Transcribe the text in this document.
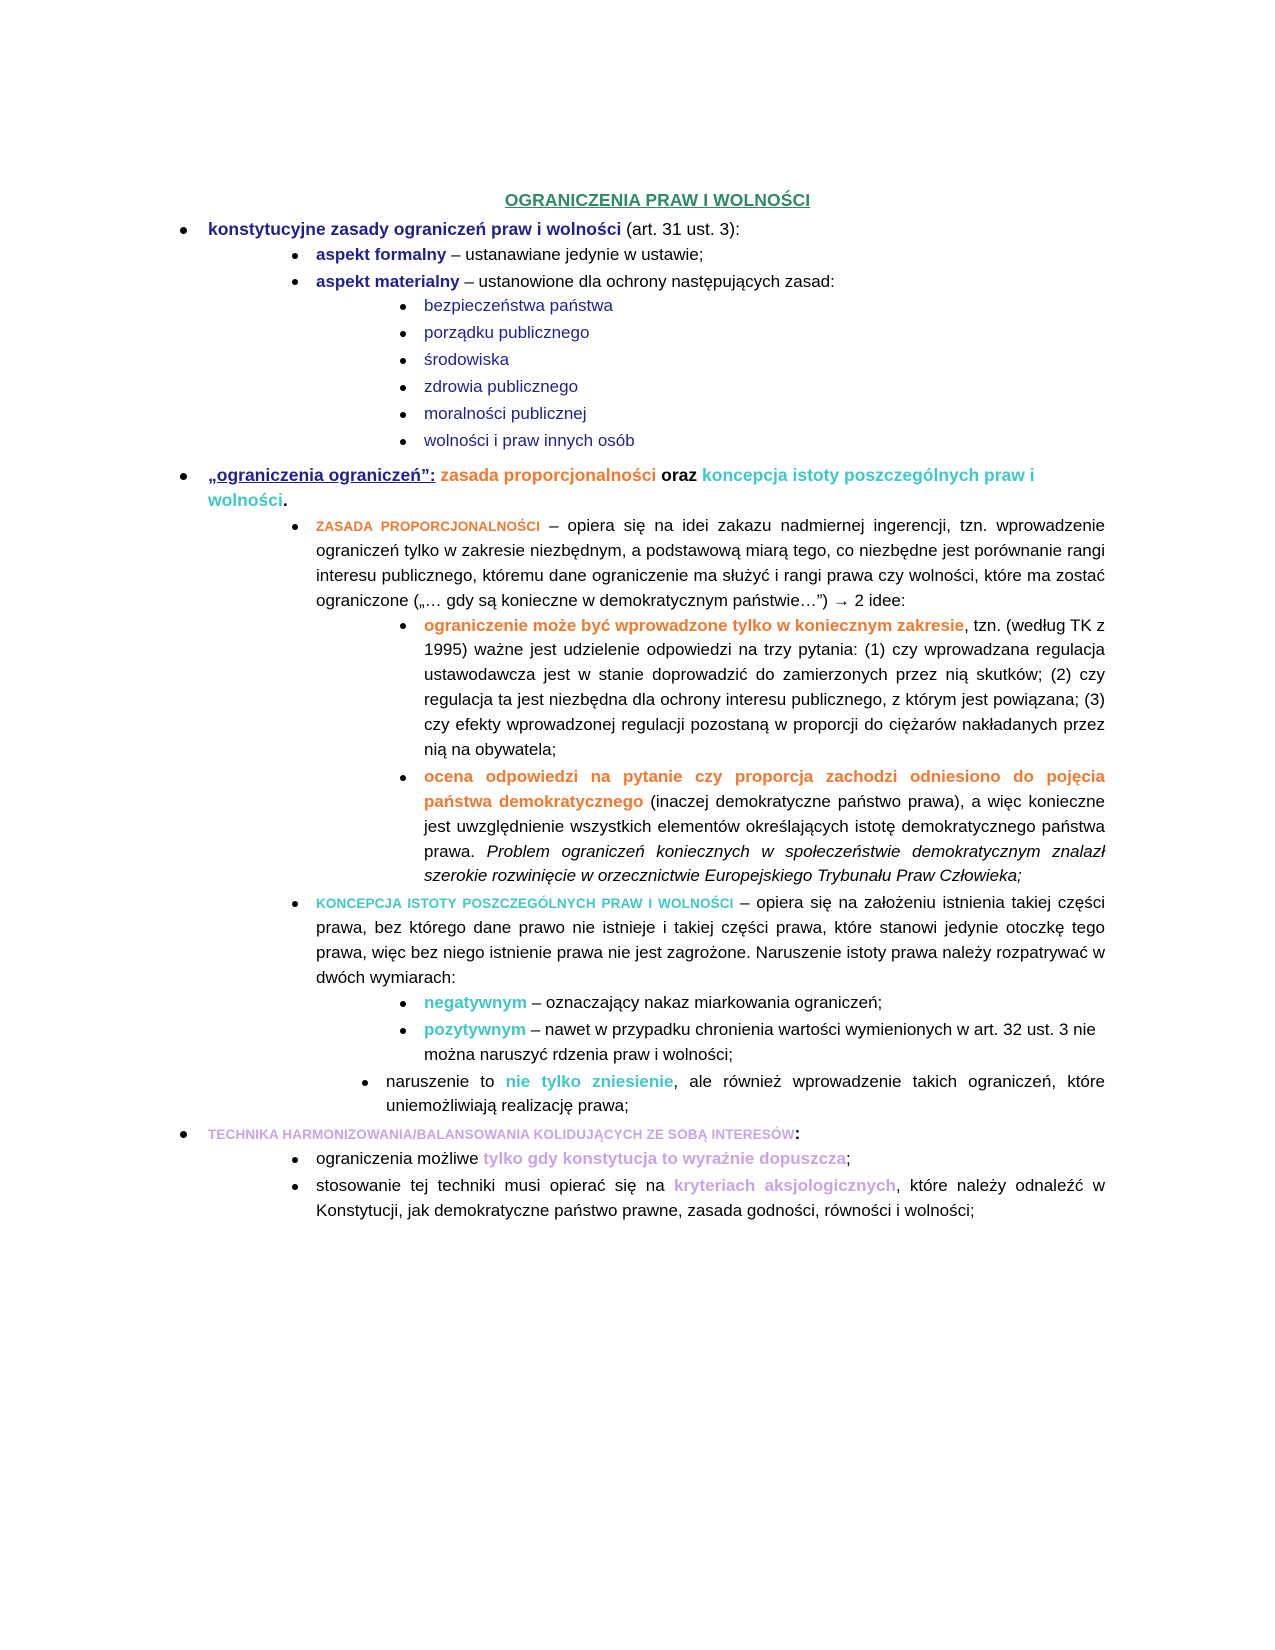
OGRANICZENIA PRAW I WOLNOŚCI
konstytucyjne zasady ograniczeń praw i wolności (art. 31 ust. 3):
aspekt formalny – ustanawiane jedynie w ustawie;
aspekt materialny – ustanowione dla ochrony następujących zasad:
bezpieczeństwa państwa
porządku publicznego
środowiska
zdrowia publicznego
moralności publicznej
wolności i praw innych osób
„ograniczenia ograniczeń”: zasada proporcjonalności oraz koncepcja istoty poszczególnych praw i wolności.
ZASADA PROPORCJONALNOŚCI – opiera się na idei zakazu nadmiernej ingerencji, tzn. wprowadzenie ograniczeń tylko w zakresie niezbędnym, a podstawową miarą tego, co niezbędne jest porównanie rangi interesu publicznego, któremu dane ograniczenie ma służyć i rangi prawa czy wolności, które ma zostać ograniczone („… gdy są konieczne w demokratycznym państwie…”) → 2 idee:
ograniczenie może być wprowadzone tylko w koniecznym zakresie, tzn. (według TK z 1995) ważne jest udzielenie odpowiedzi na trzy pytania: (1) czy wprowadzana regulacja ustawodawcza jest w stanie doprowadzić do zamierzonych przez nią skutków; (2) czy regulacja ta jest niezbędna dla ochrony interesu publicznego, z którym jest powiązana; (3) czy efekty wprowadzonej regulacji pozostaną w proporcji do ciężarów nakładanych przez nią na obywatela;
ocena odpowiedzi na pytanie czy proporcja zachodzi odniesiono do pojęcia państwa demokratycznego (inaczej demokratyczne państwo prawa), a więc konieczne jest uwzględnienie wszystkich elementów określających istotę demokratycznego państwa prawa. Problem ograniczeń koniecznych w społeczeństwie demokratycznym znalazł szerokie rozwinięcie w orzecznictwie Europejskiego Trybunału Praw Człowieka;
KONCEPCJA ISTOTY POSZCZEGÓLNYCH PRAW I WOLNOŚCI – opiera się na założeniu istnienia takiej części prawa, bez którego dane prawo nie istnieje i takiej części prawa, które stanowi jedynie otoczkę tego prawa, więc bez niego istnienie prawa nie jest zagrożone. Naruszenie istoty prawa należy rozpatrywać w dwóch wymiarach:
negatywnym – oznaczający nakaz miarkowania ograniczeń;
pozytywnym – nawet w przypadku chronienia wartości wymienionych w art. 32 ust. 3 nie można naruszyć rdzenia praw i wolności;
naruszenie to nie tylko zniesienie, ale również wprowadzenie takich ograniczeń, które uniemożliwiają realizację prawa;
TECHNIKA HARMONIZOWANIA/BALANSOWANIA KOLIDUJĄCYCH ZE SOBĄ INTERESÓW:
ograniczenia możliwe tylko gdy konstytucja to wyraźnie dopuszcza;
stosowanie tej techniki musi opierać się na kryteriach aksjologicznych, które należy odnaleźć w Konstytucji, jak demokratyczne państwo prawne, zasada godności, równości i wolności;
